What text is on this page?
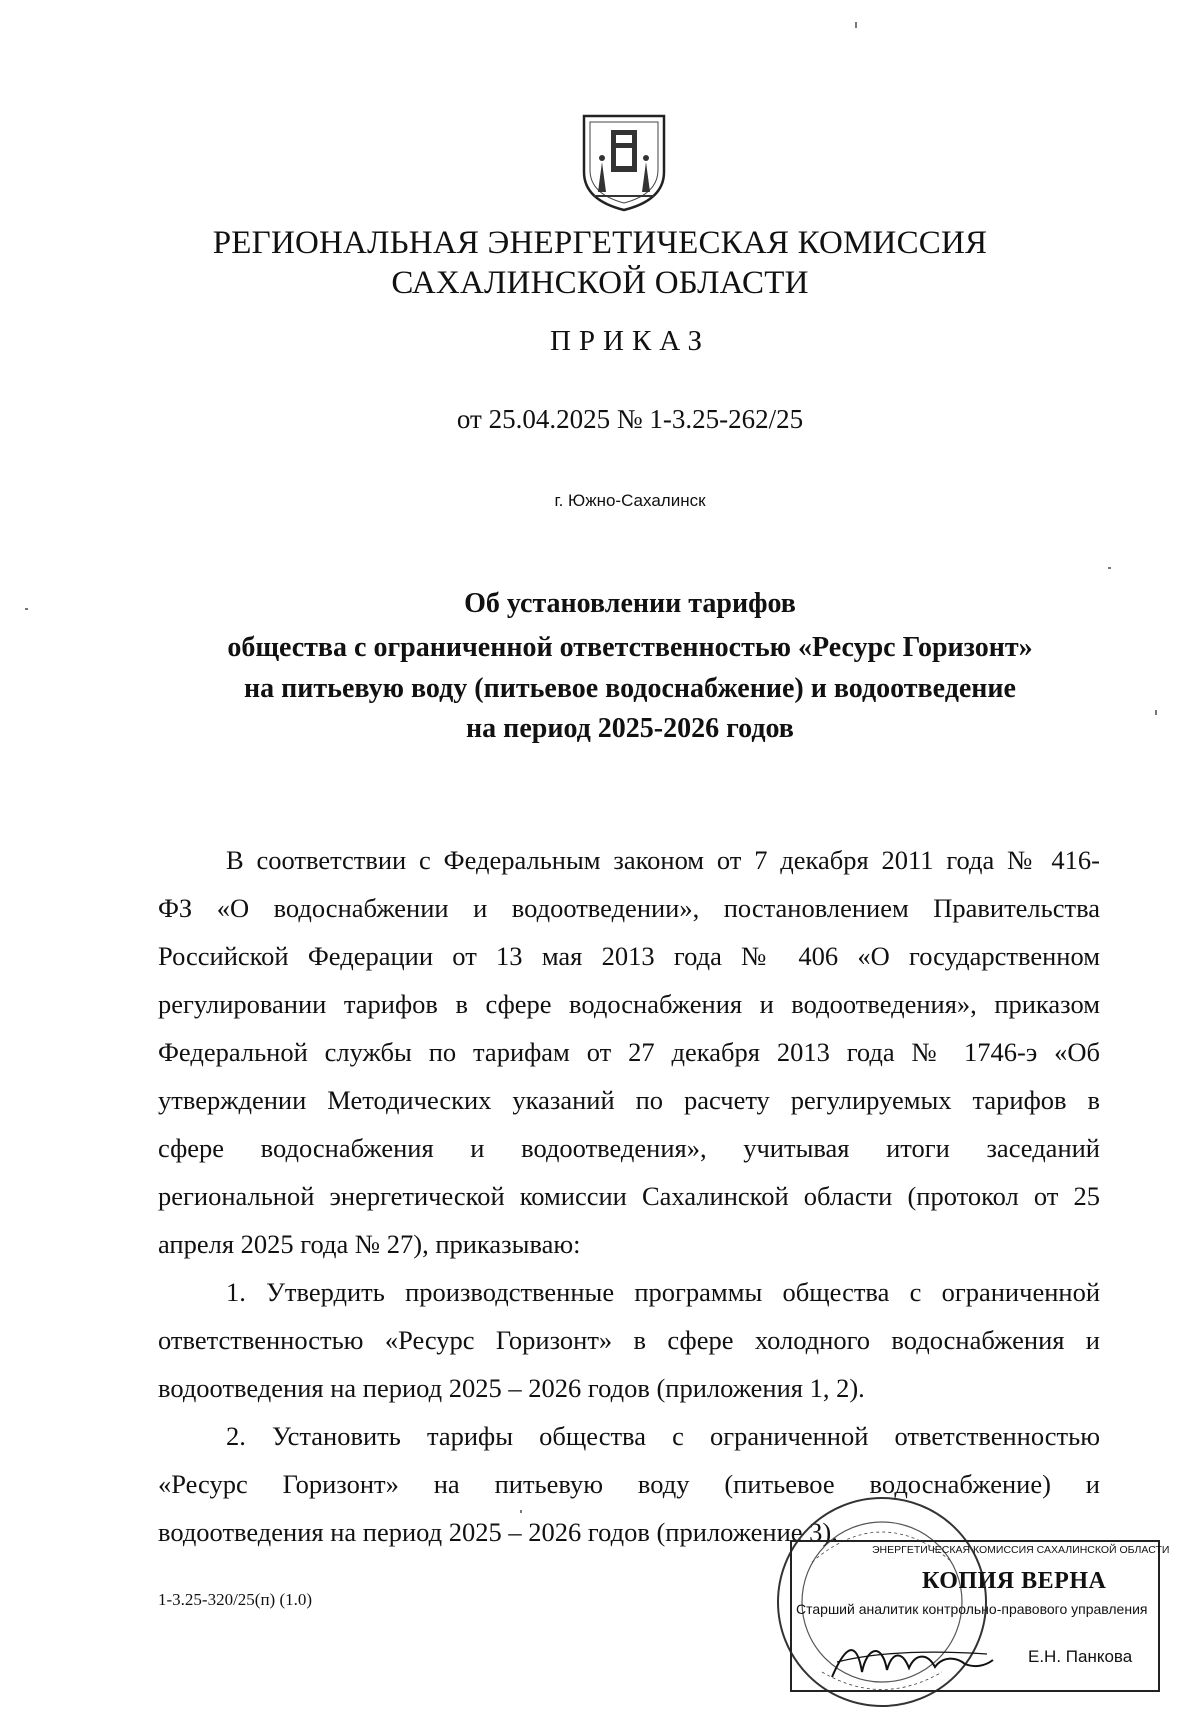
РЕГИОНАЛЬНАЯ ЭНЕРГЕТИЧЕСКАЯ КОМИССИЯ
САХАЛИНСКОЙ ОБЛАСТИ
ПРИКАЗ
от 25.04.2025 № 1-3.25-262/25
г. Южно-Сахалинск
Об установлении тарифов
общества с ограниченной ответственностью «Ресурс Горизонт»
на питьевую воду (питьевое водоснабжение) и водоотведение
на период 2025-2026 годов
В соответствии с Федеральным законом от 7 декабря 2011 года № 416-
ФЗ «О водоснабжении и водоотведении», постановлением Правительства
Российской Федерации от 13 мая 2013 года № 406 «О государственном
регулировании тарифов в сфере водоснабжения и водоотведения», приказом
Федеральной службы по тарифам от 27 декабря 2013 года № 1746-э «Об
утверждении Методических указаний по расчету регулируемых тарифов в
сфере водоснабжения и водоотведения», учитывая итоги заседаний
региональной энергетической комиссии Сахалинской области (протокол от 25
апреля 2025 года № 27), приказываю:
1. Утвердить производственные программы общества с ограниченной
ответственностью «Ресурс Горизонт» в сфере холодного водоснабжения и
водоотведения на период 2025 – 2026 годов (приложения 1, 2).
2. Установить тарифы общества с ограниченной ответственностью
«Ресурс Горизонт» на питьевую воду (питьевое водоснабжение) и
водоотведения на период 2025 – 2026 годов (приложение 3).
1-3.25-320/25(п) (1.0)
ЭНЕРГЕТИЧЕСКАЯ КОМИССИЯ САХАЛИНСКОЙ ОБЛАСТИ
КОПИЯ ВЕРНА
Старший аналитик контрольно-правового управления
Е.Н. Панкова
